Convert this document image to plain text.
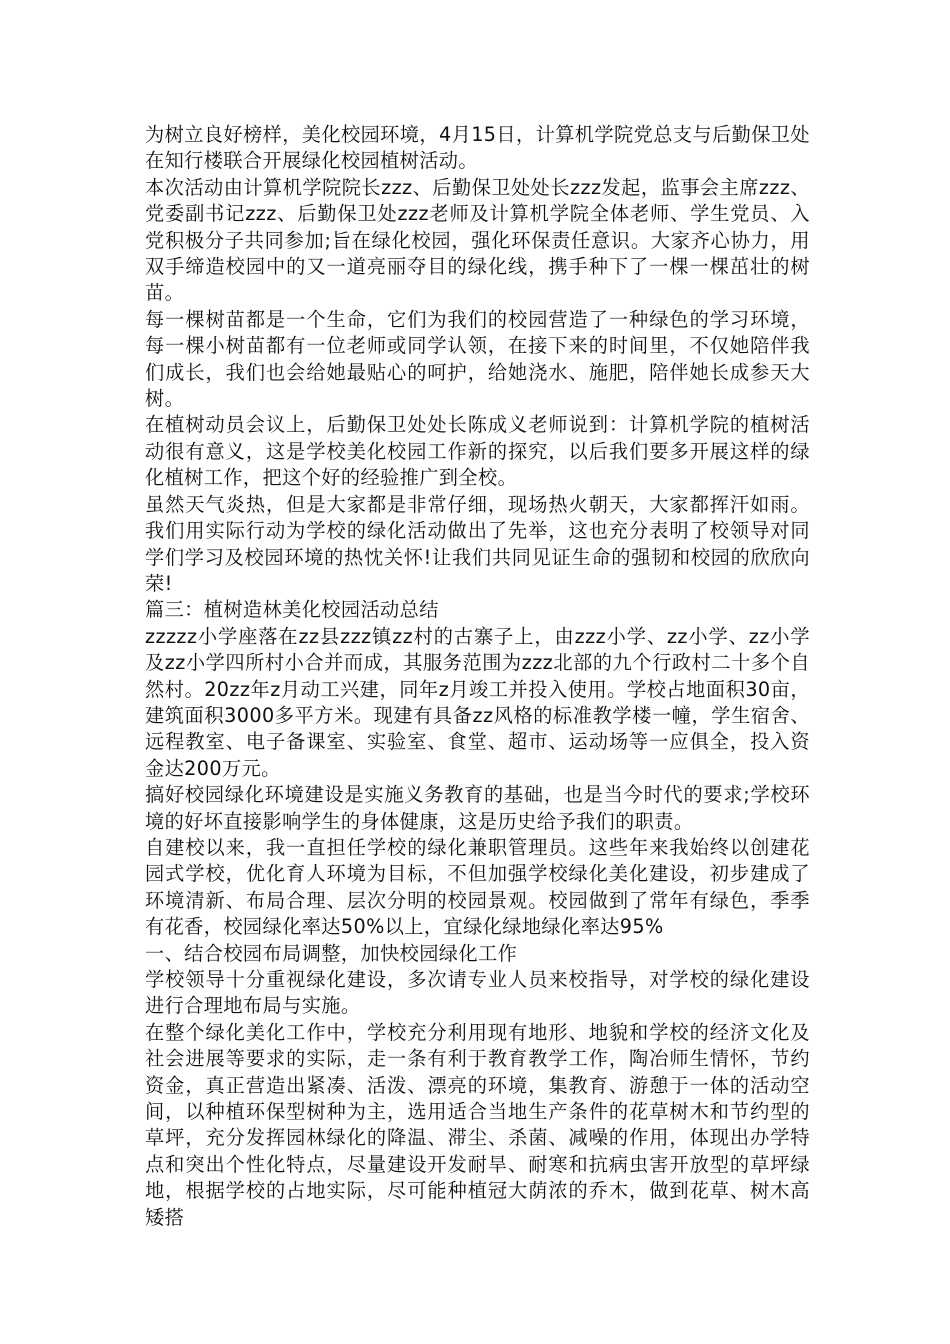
为树立良好榜样，美化校园环境，4月15日，计算机学院党总支与后勤保卫处在知行楼联合开展绿化校园植树活动。

本次活动由计算机学院院长zzz、后勤保卫处处长zzz发起，监事会主席zzz、党委副书记zzz、后勤保卫处zzz老师及计算机学院全体老师、学生党员、入党积极分子共同参加;旨在绿化校园，强化环保责任意识。大家齐心协力，用双手缔造校园中的又一道亮丽夺目的绿化线，携手种下了一棵一棵茁壮的树苗。

每一棵树苗都是一个生命，它们为我们的校园营造了一种绿色的学习环境，每一棵小树苗都有一位老师或同学认领，在接下来的时间里，不仅她陪伴我们成长，我们也会给她最贴心的呵护，给她浇水、施肥，陪伴她长成参天大树。

在植树动员会议上，后勤保卫处处长陈成义老师说到：计算机学院的植树活动很有意义，这是学校美化校园工作新的探究，以后我们要多开展这样的绿化植树工作，把这个好的经验推广到全校。

虽然天气炎热，但是大家都是非常仔细，现场热火朝天，大家都挥汗如雨。我们用实际行动为学校的绿化活动做出了先举，这也充分表明了校领导对同学们学习及校园环境的热忱关怀!让我们共同见证生命的强韧和校园的欣欣向荣!

篇三：植树造林美化校园活动总结

zzzzz小学座落在zz县zzz镇zz村的古寨子上，由zzz小学、zz小学、zz小学及zz小学四所村小合并而成，其服务范围为zzz北部的九个行政村二十多个自然村。20zz年z月动工兴建，同年z月竣工并投入使用。学校占地面积30亩，建筑面积3000多平方米。现建有具备zz风格的标准教学楼一幢，学生宿舍、远程教室、电子备课室、实验室、食堂、超市、运动场等一应俱全，投入资金达200万元。

搞好校园绿化环境建设是实施义务教育的基础，也是当今时代的要求;学校环境的好坏直接影响学生的身体健康，这是历史给予我们的职责。

自建校以来，我一直担任学校的绿化兼职管理员。这些年来我始终以创建花园式学校，优化育人环境为目标，不但加强学校绿化美化建设，初步建成了环境清新、布局合理、层次分明的校园景观。校园做到了常年有绿色，季季有花香，校园绿化率达50%以上，宜绿化绿地绿化率达95%

一、结合校园布局调整，加快校园绿化工作

学校领导十分重视绿化建设，多次请专业人员来校指导，对学校的绿化建设进行合理地布局与实施。

在整个绿化美化工作中，学校充分利用现有地形、地貌和学校的经济文化及社会进展等要求的实际，走一条有利于教育教学工作，陶冶师生情怀，节约资金，真正营造出紧凑、活泼、漂亮的环境，集教育、游憩于一体的活动空间，以种植环保型树种为主，选用适合当地生产条件的花草树木和节约型的草坪，充分发挥园林绿化的降温、滞尘、杀菌、减噪的作用，体现出办学特点和突出个性化特点，尽量建设开发耐旱、耐寒和抗病虫害开放型的草坪绿地，根据学校的占地实际，尽可能种植冠大荫浓的乔木，做到花草、树木高矮搭
